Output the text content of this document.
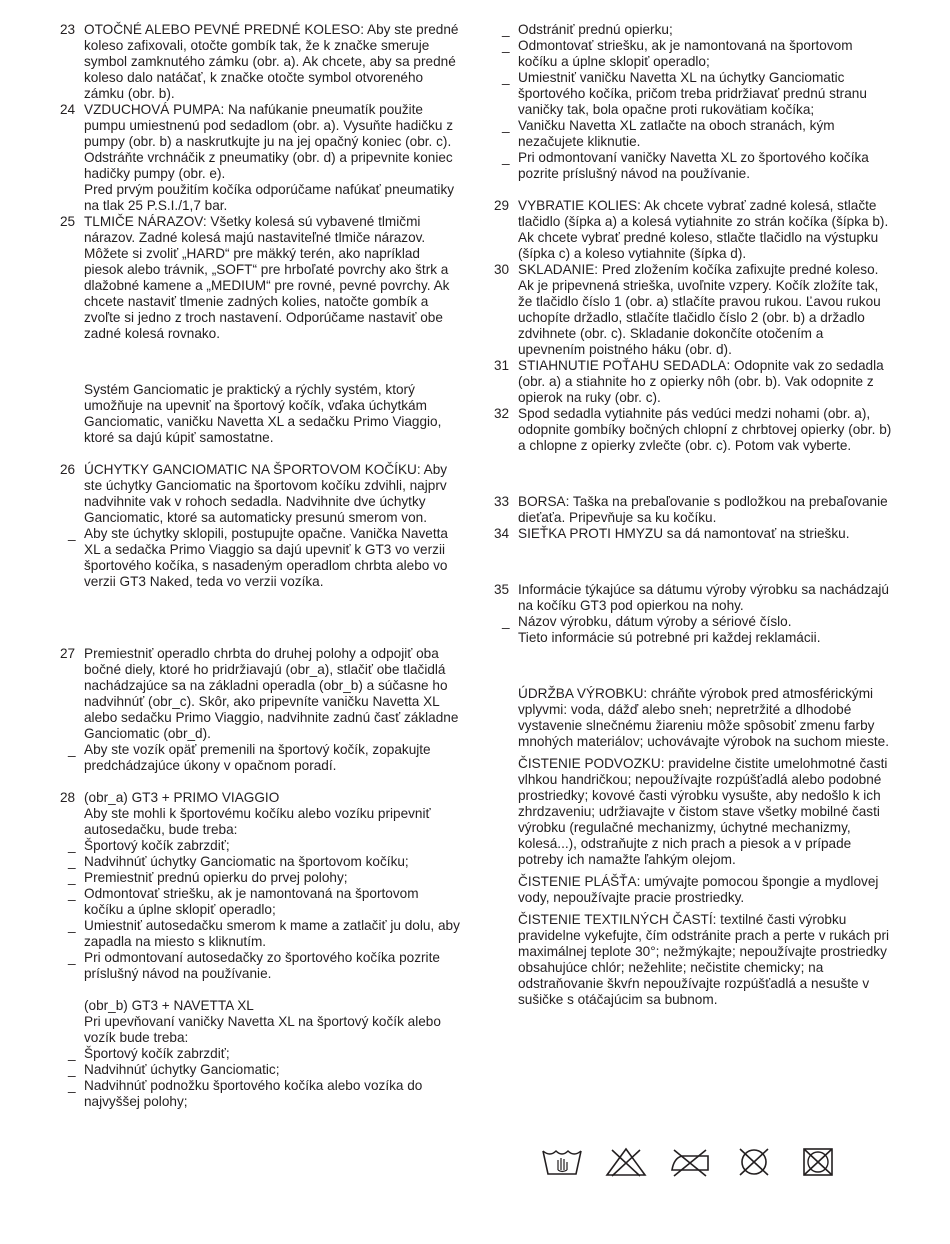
23 OTOČNÉ ALEBO PEVNÉ PREDNÉ KOLESO: Aby ste predné koleso zafixovali, otočte gombík tak, že k značke smeruje symbol zamknutého zámku (obr. a). Ak chcete, aby sa predné koleso dalo natáčať, k značke otočte symbol otvoreného zámku (obr. b).
24 VZDUCHOVÁ PUMPA: Na nafúkanie pneumatík použite pumpu umiestnenú pod sedadlom (obr. a). Vysuňte hadičku z pumpy (obr. b) a naskrutkujte ju na jej opačný koniec (obr. c). Odstráňte vrchnáčik z pneumatiky (obr. d) a pripevnite koniec hadičky pumpy (obr. e).
Pred prvým použitím kočíka odporúčame nafúkať pneumatiky na tlak 25 P.S.I./1,7 bar.
25 TLMIČE NÁRAZOV: Všetky kolesá sú vybavené tlmičmi nárazov. Zadné kolesá majú nastaviteľné tlmiče nárazov. Môžete si zvoliť „HARD“ pre mäkký terén, ako napríklad piesok alebo trávnik, „SOFT“ pre hrboľaté povrchy ako štrk a dlažobné kamene a „MEDIUM“ pre rovné, pevné povrchy. Ak chcete nastaviť tlmenie zadných kolies, natočte gombík a zvoľte si jedno z troch nastavení. Odporúčame nastaviť obe zadné kolesá rovnako.
Systém Ganciomatic je praktický a rýchly systém, ktorý umožňuje na upevniť na športový kočík, vďaka úchytkám Ganciomatic, vaničku Navetta XL a sedačku Primo Viaggio, ktoré sa dajú kúpiť samostatne.
26 ÚCHYTKY GANCIOMATIC NA ŠPORTOVOM KOČÍKU: Aby ste úchytky Ganciomatic na športovom kočíku zdvihli, najprv nadvihnite vak v rohoch sedadla. Nadvihnite dve úchytky Ganciomatic, ktoré sa automaticky presunú smerom von.
_ Aby ste úchytky sklopili, postupujte opačne. Vanička Navetta XL a sedačka Primo Viaggio sa dajú upevniť k GT3 vo verzii športového kočíka, s nasadeným operadlom chrbta alebo vo verzii GT3 Naked, teda vo verzii vozíka.
27 Premiestniť operadlo chrbta do druhej polohy a odpojiť oba bočné diely, ktoré ho pridržiavajú (obr_a), stlačiť obe tlačidlá nachádzajúce sa na základni operadla (obr_b) a súčasne ho nadvihnúť (obr_c). Skôr, ako pripevníte vaničku Navetta XL alebo sedačku Primo Viaggio, nadvihnite zadnú časť základne Ganciomatic (obr_d).
_ Aby ste vozík opäť premenili na športový kočík, zopakujte predchádzajúce úkony v opačnom poradí.
28 (obr_a) GT3 + PRIMO VIAGGIO
Aby ste mohli k športovému kočíku alebo vozíku pripevniť autosedačku, bude treba:
_ Športový kočík zabrzdiť;
_ Nadvihnúť úchytky Ganciomatic na športovom kočíku;
_ Premiestniť prednú opierku do prvej polohy;
_ Odmontovať striešku, ak je namontovaná na športovom kočíku a úplne sklopiť operadlo;
_ Umiestniť autosedačku smerom k mame a zatlačiť ju dolu, aby zapadla na miesto s kliknutím.
_ Pri odmontovaní autosedačky zo športového kočíka pozrite príslušný návod na používanie.
(obr_b) GT3 + NAVETTA XL
Pri upevňovaní vaničky Navetta XL na športový kočík alebo vozík bude treba:
_ Športový kočík zabrzdiť;
_ Nadvihnúť úchytky Ganciomatic;
_ Nadvihnúť podnožku športového kočíka alebo vozíka do najvyššej polohy;
_ Odstrániť prednú opierku;
_ Odmontovať striešku, ak je namontovaná na športovom kočíku a úplne sklopiť operadlo;
_ Umiestniť vaničku Navetta XL na úchytky Ganciomatic športového kočíka, pričom treba pridržiavať prednú stranu vaničky tak, bola opačne proti rukovätiam kočíka;
_ Vaničku Navetta XL zatlačte na oboch stranách, kým nezačujete kliknutie.
_ Pri odmontovaní vaničky Navetta XL zo športového kočíka pozrite príslušný návod na používanie.
29 VYBRATIE KOLIES: Ak chcete vybrať zadné kolesá, stlačte tlačidlo (šípka a) a kolesá vytiahnite zo strán kočíka (šípka b). Ak chcete vybrať predné koleso, stlačte tlačidlo na výstupku (šípka c) a koleso vytiahnite (šípka d).
30 SKLADANIE: Pred zložením kočíka zafixujte predné koleso. Ak je pripevnená strieška, uvoľnite vzpery. Kočík zložíte tak, že tlačidlo číslo 1 (obr. a) stlačíte pravou rukou. Ľavou rukou uchopíte držadlo, stlačíte tlačidlo číslo 2 (obr. b) a držadlo zdvihnete (obr. c). Skladanie dokončíte otočením a upevnením poistného háku (obr. d).
31 STIAHNUTIE POŤAHU SEDADLA: Odopnite vak zo sedadla (obr. a) a stiahnite ho z opierky nôh (obr. b). Vak odopnite z opierok na ruky (obr. c).
32 Spod sedadla vytiahnite pás vedúci medzi nohami (obr. a), odopnite gombíky bočných chlopní z chrbtovej opierky (obr. b) a chlopne z opierky zvlečte (obr. c). Potom vak vyberte.
33 BORSA: Taška na prebaľovanie s podložkou na prebaľovanie dieťaťa. Pripevňuje sa ku kočíku.
34 SIEŤKA PROTI HMYZU sa dá namontovať na striešku.
35 Informácie týkajúce sa dátumu výroby výrobku sa nachádzajú na kočíku GT3 pod opierkou na nohy.
_ Názov výrobku, dátum výroby a sériové číslo.
Tieto informácie sú potrebné pri každej reklamácii.

ÚDRŽBA VÝROBKU: chráňte výrobok pred atmosférickými vplyvmi: voda, dážď alebo sneh; nepretržité a dlhodobé vystavenie slnečnému žiareniu môže spôsobiť zmenu farby mnohých materiálov; uchovávajte výrobok na suchom mieste.

ČISTENIE PODVOZKU: pravidelne čistite umelohmotné časti vlhkou handričkou; nepoužívajte rozpúšťadlá alebo podobné prostriedky; kovové časti výrobku vysušte, aby nedošlo k ich zhrdzaveniu; udržiavajte v čistom stave všetky mobilné časti výrobku (regulačné mechanizmy, úchytné mechanizmy, kolesá...), odstraňujte z nich prach a piesok a v prípade potreby ich namažte ľahkým olejom.

ČISTENIE PLÁŠŤA: umývajte pomocou špongie a mydlovej vody, nepoužívajte pracie prostriedky.

ČISTENIE TEXTILNÝCH ČASTÍ: textilné časti výrobku pravidelne vykefujte, čím odstránite prach a perte v rukách pri maximálnej teplote 30°; nežmýkajte; nepoužívajte prostriedky obsahujúce chlór; nežehlite; nečistite chemicky; na odstraňovanie škvŕn nepoužívajte rozpúšťadlá a nesušte v sušičke s otáčajúcim sa bubnom.
